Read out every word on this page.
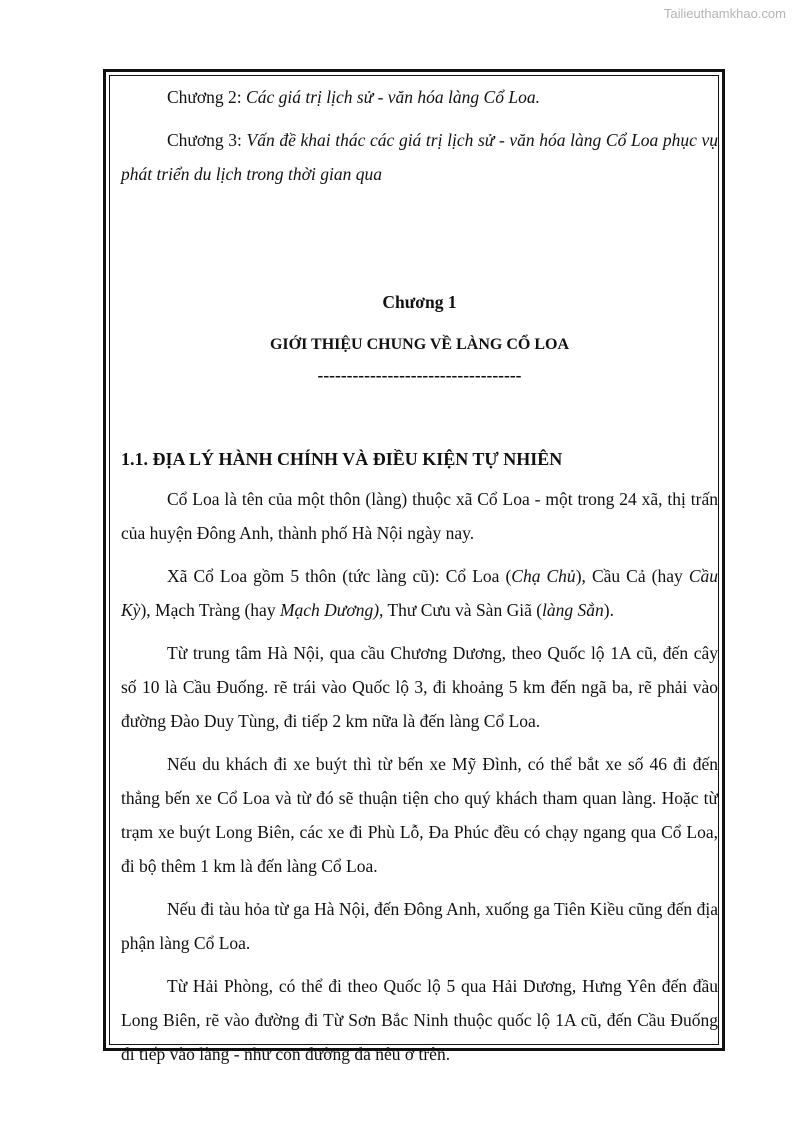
Tailieuthamkhao.com

Chương 2: Các giá trị lịch sử - văn hóa làng Cổ Loa.

Chương 3: Vấn đề khai thác các giá trị lịch sử - văn hóa làng Cổ Loa phục vụ phát triển du lịch trong thời gian qua

Chương 1

GIỚI THIỆU CHUNG VỀ LÀNG CỔ LOA

-----------------------------------

1.1. ĐỊA LÝ HÀNH CHÍNH VÀ ĐIỀU KIỆN TỰ NHIÊN

Cổ Loa là tên của một thôn (làng) thuộc xã Cổ Loa - một trong 24 xã, thị trấn của huyện Đông Anh, thành phố Hà Nội ngày nay.

Xã Cổ Loa gồm 5 thôn (tức làng cũ): Cổ Loa (Chạ Chủ), Cầu Cả (hay Cầu Kỳ), Mạch Tràng (hay Mạch Dương), Thư Cưu và Sàn Giã (làng Sẳn).

Từ trung tâm Hà Nội, qua cầu Chương Dương, theo Quốc lộ 1A cũ, đến cây số 10 là Cầu Đuống. rẽ trái vào Quốc lộ 3, đi khoảng 5 km đến ngã ba, rẽ phải vào đường Đào Duy Tùng, đi tiếp 2 km nữa là đến làng Cổ Loa.

Nếu du khách đi xe buýt thì từ bến xe Mỹ Đình, có thể bắt xe số 46 đi đến thẳng bến xe Cổ Loa và từ đó sẽ thuận tiện cho quý khách tham quan làng. Hoặc từ trạm xe buýt Long Biên, các xe đi Phù Lỗ, Đa Phúc đều có chạy ngang qua Cổ Loa, đi bộ thêm 1 km là đến làng Cổ Loa.

Nếu đi tàu hỏa từ ga Hà Nội, đến Đông Anh, xuống ga Tiên Kiều cũng đến địa phận làng Cổ Loa.

Từ Hải Phòng, có thể đi theo Quốc lộ 5 qua Hải Dương, Hưng Yên đến đầu Long Biên, rẽ vào đường đi Từ Sơn Bắc Ninh thuộc quốc lộ 1A cũ, đến Cầu Đuống đi tiếp vào làng - như con đường đã nêu ở trên.
